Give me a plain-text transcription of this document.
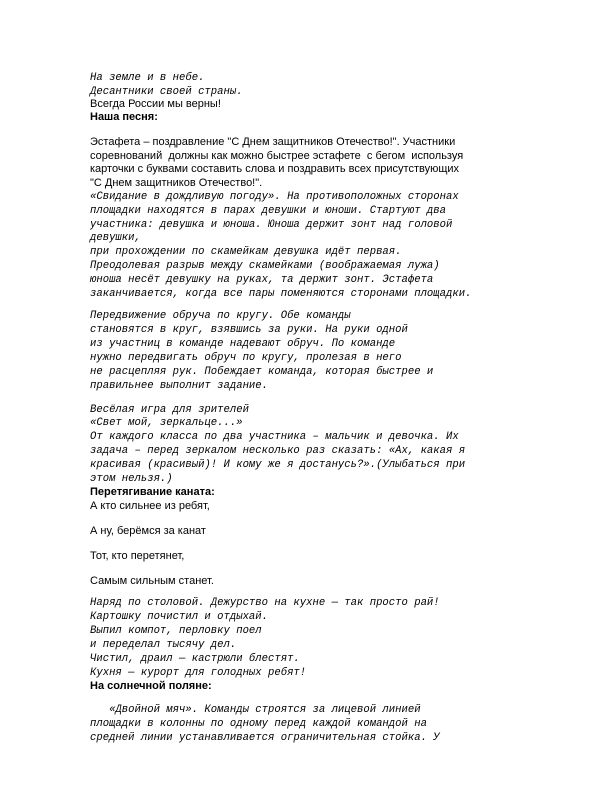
На земле и в небе.

Десантники своей страны.

Всегда России мы верны!

Наша песня:

Эстафета – поздравление "С Днем защитников Отечество!". Участники

соревнований  должны как можно быстрее эстафете  с бегом  используя

карточки с буквами составить слова и поздравить всех присутствующих

"С Днем защитников Отечество!".

«Свидание в дождливую погоду». На противоположных сторонах

площадки находятся в парах девушки и юноши. Стартуют два

участника: девушка и юноша. Юноша держит зонт над головой

девушки,

при прохождении по скамейкам девушка идёт первая.

Преодолевая разрыв между скамейками (воображаемая лужа)

юноша несёт девушку на руках, та держит зонт. Эстафета

заканчивается, когда все пары поменяются сторонами площадки.

Передвижение обруча по кругу. Обе команды

становятся в круг, взявшись за руки. На руки одной

из участниц в команде надевают обруч. По команде

нужно передвигать обруч по кругу, пролезая в него

не расцепляя рук. Побеждает команда, которая быстрее и

правильнее выполнит задание.

Весёлая игра для зрителей

«Свет мой, зеркальце...»

От каждого класса по два участника – мальчик и девочка. Их

задача – перед зеркалом несколько раз сказать: «Ах, какая я

красивая (красивый)! И кому же я достанусь?».(Улыбаться при

этом нельзя.)

Перетягивание каната:

А кто сильнее из ребят,

А ну, берёмся за канат

Тот, кто перетянет,

Самым сильным станет.

Наряд по столовой. Дежурство на кухне — так просто рай!

Картошку почистил и отдыхай.

Выпил компот, перловку поел

и переделал тысячу дел.

Чистил, драил — кастрюли блестят.

Кухня — курорт для голодных ребят!

На солнечной поляне:

«Двойной мяч». Команды строятся за лицевой линией

площадки в колонны по одному перед каждой командой на

средней линии устанавливается ограничительная стойка. У
